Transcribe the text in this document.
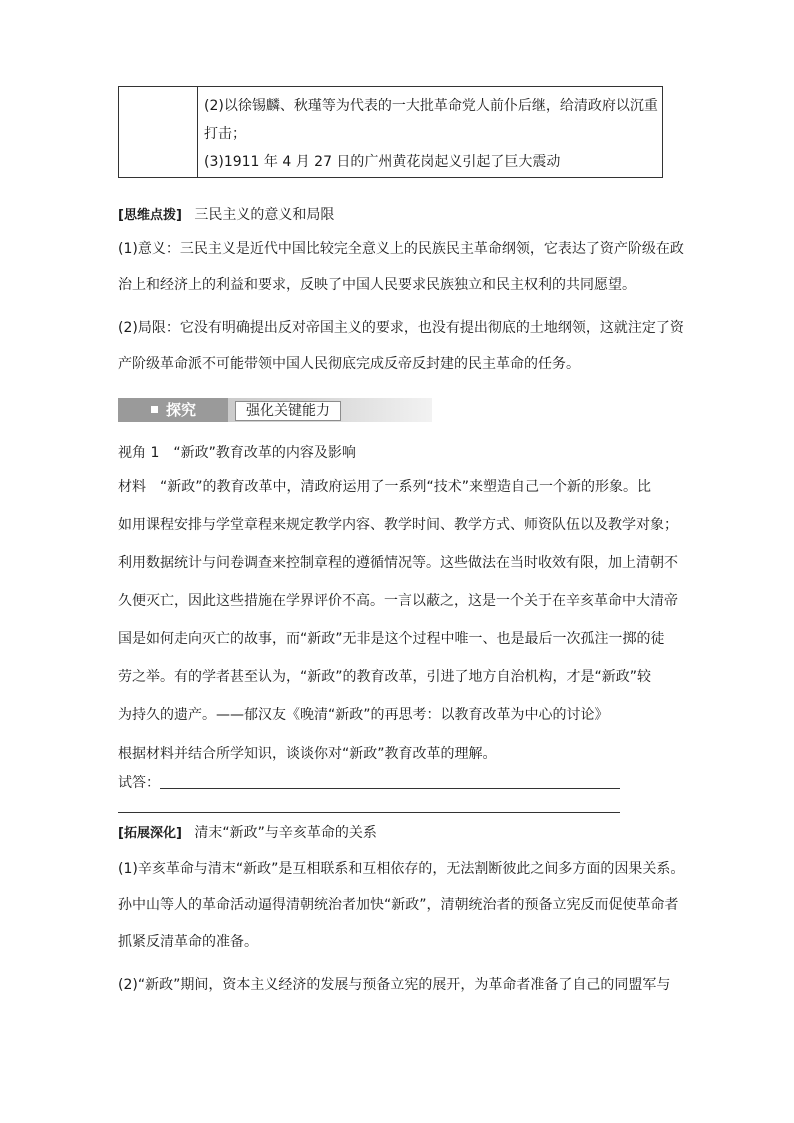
(2)以徐锡麟、秋瑾等为代表的一大批革命党人前仆后继，给清政府以沉重
打击；
(3)1911 年 4 月 27 日的广州黄花岗起义引起了巨大震动
[思维点拨] 三民主义的意义和局限
(1)意义：三民主义是近代中国比较完全意义上的民族民主革命纲领，它表达了资产阶级在政
治上和经济上的利益和要求，反映了中国人民要求民族独立和民主权利的共同愿望。
(2)局限：它没有明确提出反对帝国主义的要求，也没有提出彻底的土地纲领，这就注定了资
产阶级革命派不可能带领中国人民彻底完成反帝反封建的民主革命的任务。
探究	强化关键能力
视角 1　“新政”教育改革的内容及影响
材料　“新政”的教育改革中，清政府运用了一系列“技术”来塑造自己一个新的形象。比
如用课程安排与学堂章程来规定教学内容、教学时间、教学方式、师资队伍以及教学对象；
利用数据统计与问卷调查来控制章程的遵循情况等。这些做法在当时收效有限，加上清朝不
久便灭亡，因此这些措施在学界评价不高。一言以蔽之，这是一个关于在辛亥革命中大清帝
国是如何走向灭亡的故事，而“新政”无非是这个过程中唯一、也是最后一次孤注一掷的徒
劳之举。有的学者甚至认为，“新政”的教育改革，引进了地方自治机构，才是“新政”较
为持久的遗产。——郁汉友《晚清“新政”的再思考：以教育改革为中心的讨论》
根据材料并结合所学知识，谈谈你对“新政”教育改革的理解。
试答：
[拓展深化] 清末“新政”与辛亥革命的关系
(1)辛亥革命与清末“新政”是互相联系和互相依存的，无法割断彼此之间多方面的因果关系。
孙中山等人的革命活动逼得清朝统治者加快“新政”，清朝统治者的预备立宪反而促使革命者
抓紧反清革命的准备。
(2)“新政”期间，资本主义经济的发展与预备立宪的展开，为革命者准备了自己的同盟军与
